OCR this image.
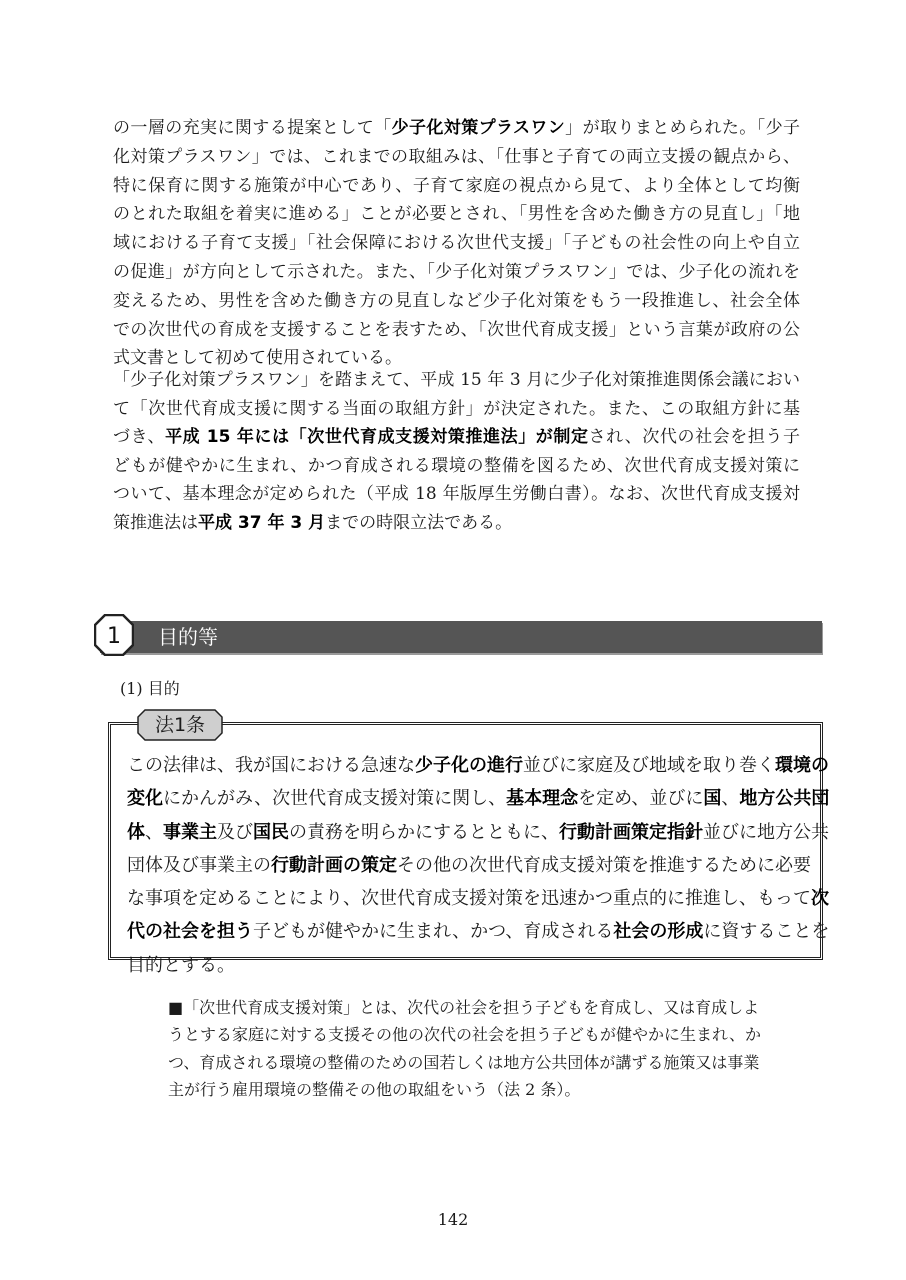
の一層の充実に関する提案として「少子化対策プラスワン」が取りまとめられた。「少子
化対策プラスワン」では、これまでの取組みは、「仕事と子育ての両立支援の観点から、
特に保育に関する施策が中心であり、子育て家庭の視点から見て、より全体として均衡
のとれた取組を着実に進める」ことが必要とされ、「男性を含めた働き方の見直し」「地
域における子育て支援」「社会保障における次世代支援」「子どもの社会性の向上や自立
の促進」が方向として示された。また、「少子化対策プラスワン」では、少子化の流れを
変えるため、男性を含めた働き方の見直しなど少子化対策をもう一段推進し、社会全体
での次世代の育成を支援することを表すため、「次世代育成支援」という言葉が政府の公
式文書として初めて使用されている。
「少子化対策プラスワン」を踏まえて、平成 15 年 3 月に少子化対策推進関係会議におい
て「次世代育成支援に関する当面の取組方針」が決定された。また、この取組方針に基
づき、平成 15 年には「次世代育成支援対策推進法」が制定され、次代の社会を担う子
どもが健やかに生まれ、かつ育成される環境の整備を図るため、次世代育成支援対策に
ついて、基本理念が定められた（平成 18 年版厚生労働白書）。なお、次世代育成支援対
策推進法は平成 37 年 3 月までの時限立法である。
1 目的等
(1) 目的
法1条
この法律は、我が国における急速な少子化の進行並びに家庭及び地域を取り巻く環境の
変化にかんがみ、次世代育成支援対策に関し、基本理念を定め、並びに国、地方公共団
体、事業主及び国民の責務を明らかにするとともに、行動計画策定指針並びに地方公共
団体及び事業主の行動計画の策定その他の次世代育成支援対策を推進するために必要
な事項を定めることにより、次世代育成支援対策を迅速かつ重点的に推進し、もって次
代の社会を担う子どもが健やかに生まれ、かつ、育成される社会の形成に資することを
目的とする。
■「次世代育成支援対策」とは、次代の社会を担う子どもを育成し、又は育成しよ
うとする家庭に対する支援その他の次代の社会を担う子どもが健やかに生まれ、か
つ、育成される環境の整備のための国若しくは地方公共団体が講ずる施策又は事業
主が行う雇用環境の整備その他の取組をいう（法 2 条）。
142
